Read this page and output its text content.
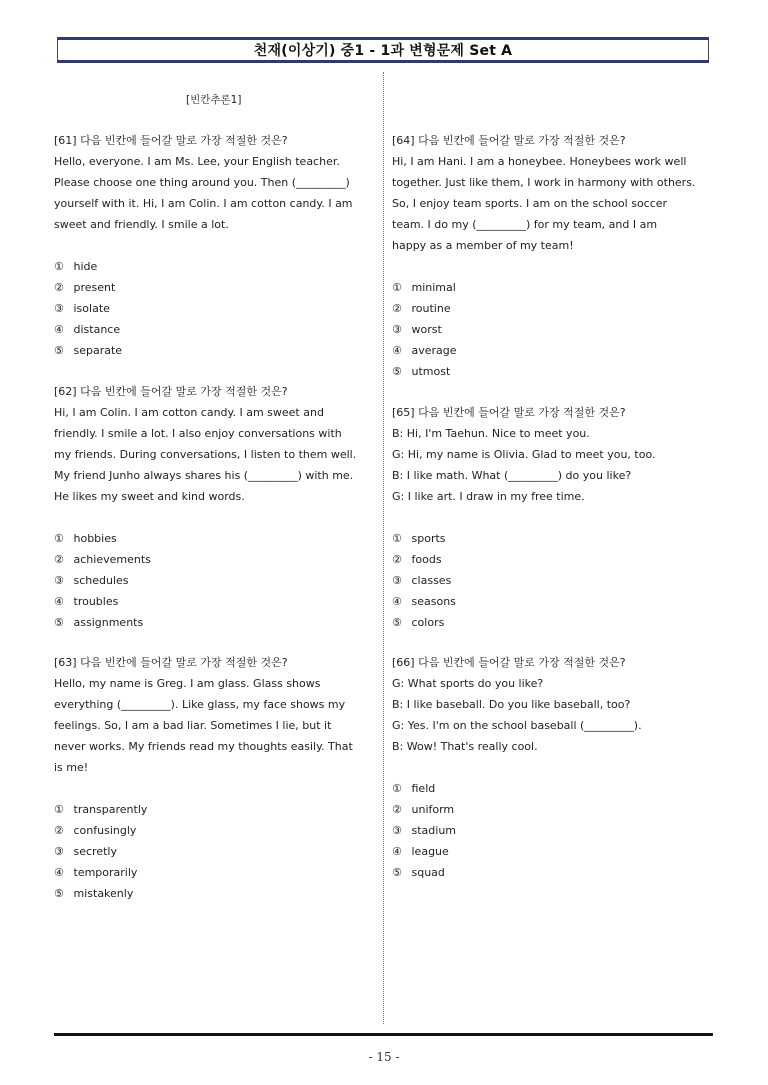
천재(이상기) 중1 - 1과 변형문제 Set A
[빈칸추론1]
[61] 다음 빈칸에 들어갈 말로 가장 적절한 것은?
Hello, everyone. I am Ms. Lee, your English teacher.
Please choose one thing around you. Then (_________)
yourself with it. Hi, I am Colin. I am cotton candy. I am
sweet and friendly. I smile a lot.
① hide
② present
③ isolate
④ distance
⑤ separate
[62] 다음 빈칸에 들어갈 말로 가장 적절한 것은?
Hi, I am Colin. I am cotton candy. I am sweet and
friendly. I smile a lot. I also enjoy conversations with
my friends. During conversations, I listen to them well.
My friend Junho always shares his (_________) with me.
He likes my sweet and kind words.
① hobbies
② achievements
③ schedules
④ troubles
⑤ assignments
[63] 다음 빈칸에 들어갈 말로 가장 적절한 것은?
Hello, my name is Greg. I am glass. Glass shows
everything (_________). Like glass, my face shows my
feelings. So, I am a bad liar. Sometimes I lie, but it
never works. My friends read my thoughts easily. That
is me!
① transparently
② confusingly
③ secretly
④ temporarily
⑤ mistakenly
[64] 다음 빈칸에 들어갈 말로 가장 적절한 것은?
Hi, I am Hani. I am a honeybee. Honeybees work well
together. Just like them, I work in harmony with others.
So, I enjoy team sports. I am on the school soccer
team. I do my (_________) for my team, and I am
happy as a member of my team!
① minimal
② routine
③ worst
④ average
⑤ utmost
[65] 다음 빈칸에 들어갈 말로 가장 적절한 것은?
B: Hi, I'm Taehun. Nice to meet you.
G: Hi, my name is Olivia. Glad to meet you, too.
B: I like math. What (_________) do you like?
G: I like art. I draw in my free time.
① sports
② foods
③ classes
④ seasons
⑤ colors
[66] 다음 빈칸에 들어갈 말로 가장 적절한 것은?
G: What sports do you like?
B: I like baseball. Do you like baseball, too?
G: Yes. I'm on the school baseball (_________).
B: Wow! That's really cool.
① field
② uniform
③ stadium
④ league
⑤ squad
- 15 -
